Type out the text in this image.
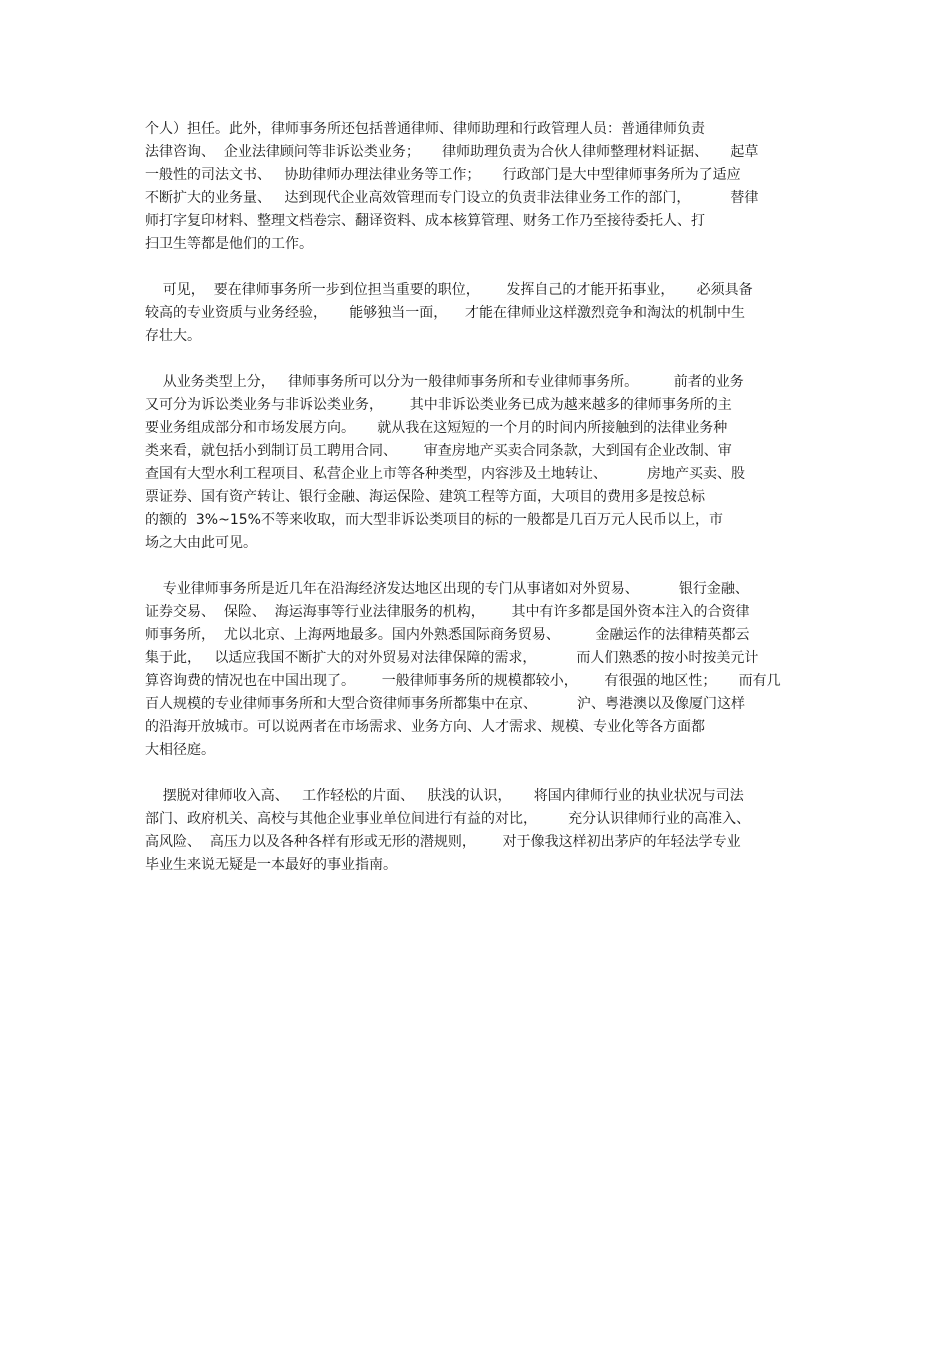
个人）担任。此外，律师事务所还包括普通律师、律师助理和行政管理人员：普通律师负责
法律咨询、  企业法律顾问等非诉讼类业务；     律师助理负责为合伙人律师整理材料证据、     起草
一般性的司法文书、   协助律师办理法律业务等工作；     行政部门是大中型律师事务所为了适应
不断扩大的业务量、   达到现代企业高效管理而专门设立的负责非法律业务工作的部门，         替律
师打字复印材料、整理文档卷宗、翻译资料、成本核算管理、财务工作乃至接待委托人、打
扫卫生等都是他们的工作。

可见，  要在律师事务所一步到位担当重要的职位，      发挥自己的才能开拓事业，     必须具备
较高的专业资质与业务经验，     能够独当一面，    才能在律师业这样激烈竞争和淘汰的机制中生
存壮大。

从业务类型上分，   律师事务所可以分为一般律师事务所和专业律师事务所。        前者的业务
又可分为诉讼类业务与非诉讼类业务，      其中非诉讼类业务已成为越来越多的律师事务所的主
要业务组成部分和市场发展方向。     就从我在这短短的一个月的时间内所接触到的法律业务种
类来看，就包括小到制订员工聘用合同、      审查房地产买卖合同条款，大到国有企业改制、审
查国有大型水利工程项目、私营企业上市等各种类型，内容涉及土地转让、         房地产买卖、股
票证券、国有资产转让、银行金融、海运保险、建筑工程等方面，大项目的费用多是按总标
的额的  3%~15%不等来收取，而大型非诉讼类项目的标的一般都是几百万元人民币以上，市
场之大由此可见。

专业律师事务所是近几年在沿海经济发达地区出现的专门从事诸如对外贸易、         银行金融、
证券交易、  保险、  海运海事等行业法律服务的机构，      其中有许多都是国外资本注入的合资律
师事务所，  尤以北京、上海两地最多。国内外熟悉国际商务贸易、        金融运作的法律精英都云
集于此，   以适应我国不断扩大的对外贸易对法律保障的需求，         而人们熟悉的按小时按美元计
算咨询费的情况也在中国出现了。      一般律师事务所的规模都较小，      有很强的地区性；     而有几
百人规模的专业律师事务所和大型合资律师事务所都集中在京、         沪、粤港澳以及像厦门这样
的沿海开放城市。可以说两者在市场需求、业务方向、人才需求、规模、专业化等各方面都
大相径庭。

摆脱对律师收入高、   工作轻松的片面、   肤浅的认识，     将国内律师行业的执业状况与司法
部门、政府机关、高校与其他企业事业单位间进行有益的对比，       充分认识律师行业的高准入、
高风险、  高压力以及各种各样有形或无形的潜规则，      对于像我这样初出茅庐的年轻法学专业
毕业生来说无疑是一本最好的事业指南。
